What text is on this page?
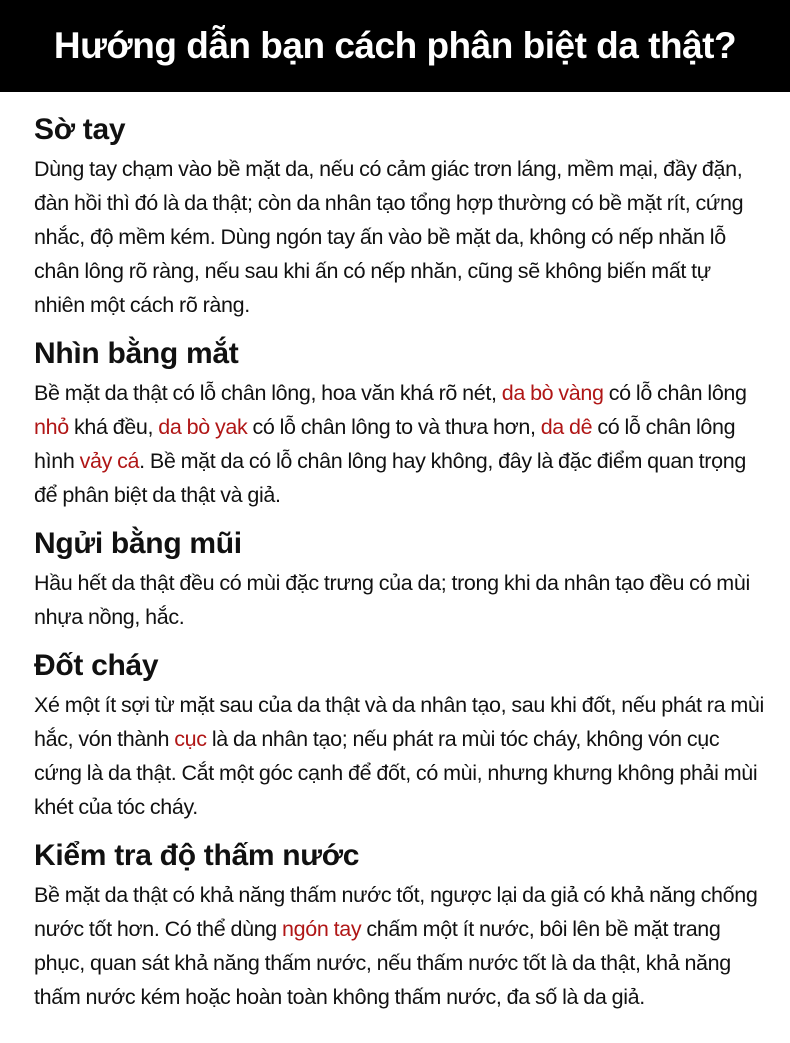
Hướng dẫn bạn cách phân biệt da thật?
Sờ tay

Dùng tay chạm vào bề mặt da, nếu có cảm giác trơn láng, mềm mại, đầy đặn, đàn hồi thì đó là da thật; còn da nhân tạo tổng hợp thường có bề mặt rít, cứng nhắc, độ mềm kém. Dùng ngón tay ấn vào bề mặt da, không có nếp nhăn lỗ chân lông rõ ràng, nếu sau khi ấn có nếp nhăn, cũng sẽ không biến mất tự nhiên một cách rõ ràng.

Nhìn bằng mắt

Bề mặt da thật có lỗ chân lông, hoa văn khá rõ nét, da bò vàng có lỗ chân lông nhỏ khá đều, da bò yak có lỗ chân lông to và thưa hơn, da dê có lỗ chân lông hình vảy cá. Bề mặt da có lỗ chân lông hay không, đây là đặc điểm quan trọng để phân biệt da thật và giả.

Ngửi bằng mũi

Hầu hết da thật đều có mùi đặc trưng của da; trong khi da nhân tạo đều có mùi nhựa nồng, hắc.

Đốt cháy

Xé một ít sợi từ mặt sau của da thật và da nhân tạo, sau khi đốt, nếu phát ra mùi hắc, vón thành cục là da nhân tạo; nếu phát ra mùi tóc cháy, không vón cục cứng là da thật. Cắt một góc cạnh để đốt, có mùi, nhưng khưng không phải mùi khét của tóc cháy.

Kiểm tra độ thấm nước

Bề mặt da thật có khả năng thấm nước tốt, ngược lại da giả có khả năng chống nước tốt hơn. Có thể dùng ngón tay chấm một ít nước, bôi lên bề mặt trang phục, quan sát khả năng thấm nước, nếu thấm nước tốt là da thật, khả năng thấm nước kém hoặc hoàn toàn không thấm nước, đa số là da giả.
